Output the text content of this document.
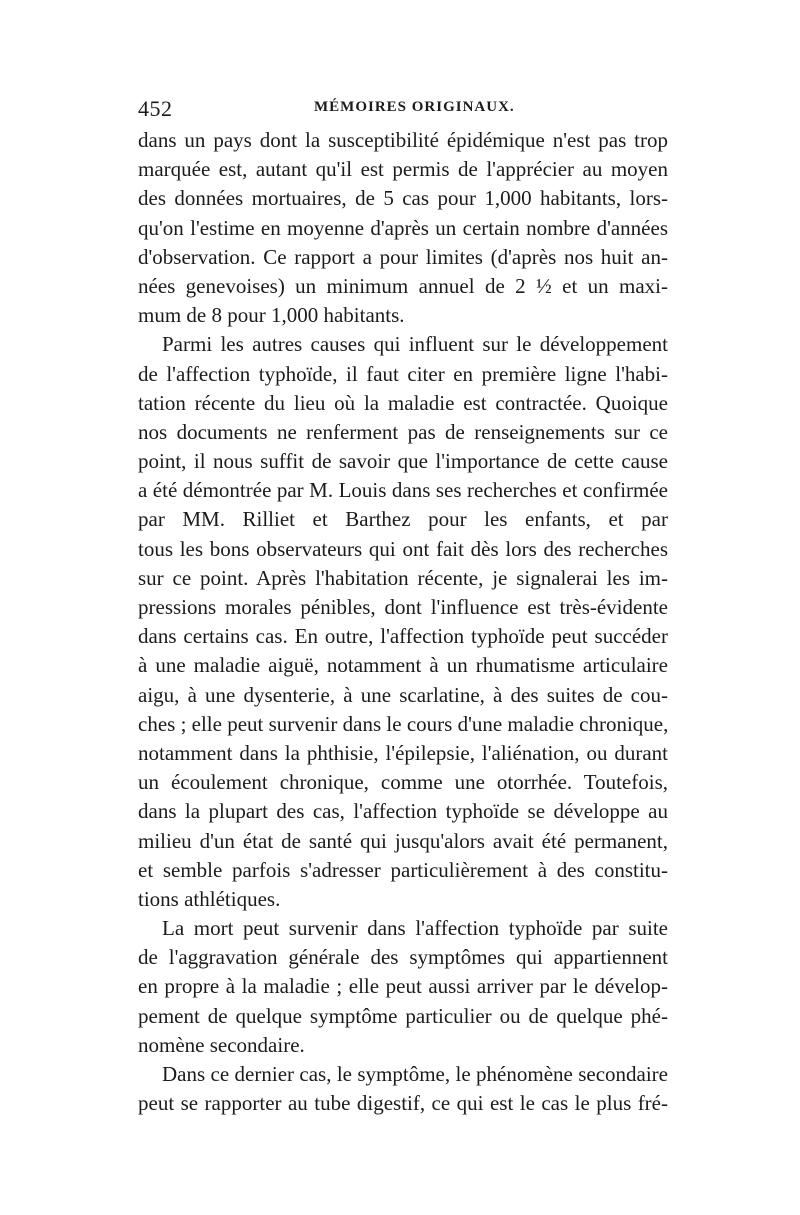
452	MÉMOIRES ORIGINAUX.
dans un pays dont la susceptibilité épidémique n'est pas trop
marquée est, autant qu'il est permis de l'apprécier au moyen
des données mortuaires, de 5 cas pour 1,000 habitants, lors-
qu'on l'estime en moyenne d'après un certain nombre d'années
d'observation. Ce rapport a pour limites (d'après nos huit an-
nées genevoises) un minimum annuel de 2 ½ et un maxi-
mum de 8 pour 1,000 habitants.
Parmi les autres causes qui influent sur le développement
de l'affection typhoïde, il faut citer en première ligne l'habi-
tation récente du lieu où la maladie est contractée. Quoique
nos documents ne renferment pas de renseignements sur ce
point, il nous suffit de savoir que l'importance de cette cause
a été démontrée par M. Louis dans ses recherches et confirmée
par MM. Rilliet et Barthez pour les enfants, et par
tous les bons observateurs qui ont fait dès lors des recherches
sur ce point. Après l'habitation récente, je signalerai les im-
pressions morales pénibles, dont l'influence est très-évidente
dans certains cas. En outre, l'affection typhoïde peut succéder
à une maladie aiguë, notamment à un rhumatisme articulaire
aigu, à une dysenterie, à une scarlatine, à des suites de cou-
ches ; elle peut survenir dans le cours d'une maladie chronique,
notamment dans la phthisie, l'épilepsie, l'aliénation, ou durant
un écoulement chronique, comme une otorrhée. Toutefois,
dans la plupart des cas, l'affection typhoïde se développe au
milieu d'un état de santé qui jusqu'alors avait été permanent,
et semble parfois s'adresser particulièrement à des constitu-
tions athlétiques.
La mort peut survenir dans l'affection typhoïde par suite
de l'aggravation générale des symptômes qui appartiennent
en propre à la maladie ; elle peut aussi arriver par le dévelop-
pement de quelque symptôme particulier ou de quelque phé-
nomène secondaire.
Dans ce dernier cas, le symptôme, le phénomène secondaire
peut se rapporter au tube digestif, ce qui est le cas le plus fré-
